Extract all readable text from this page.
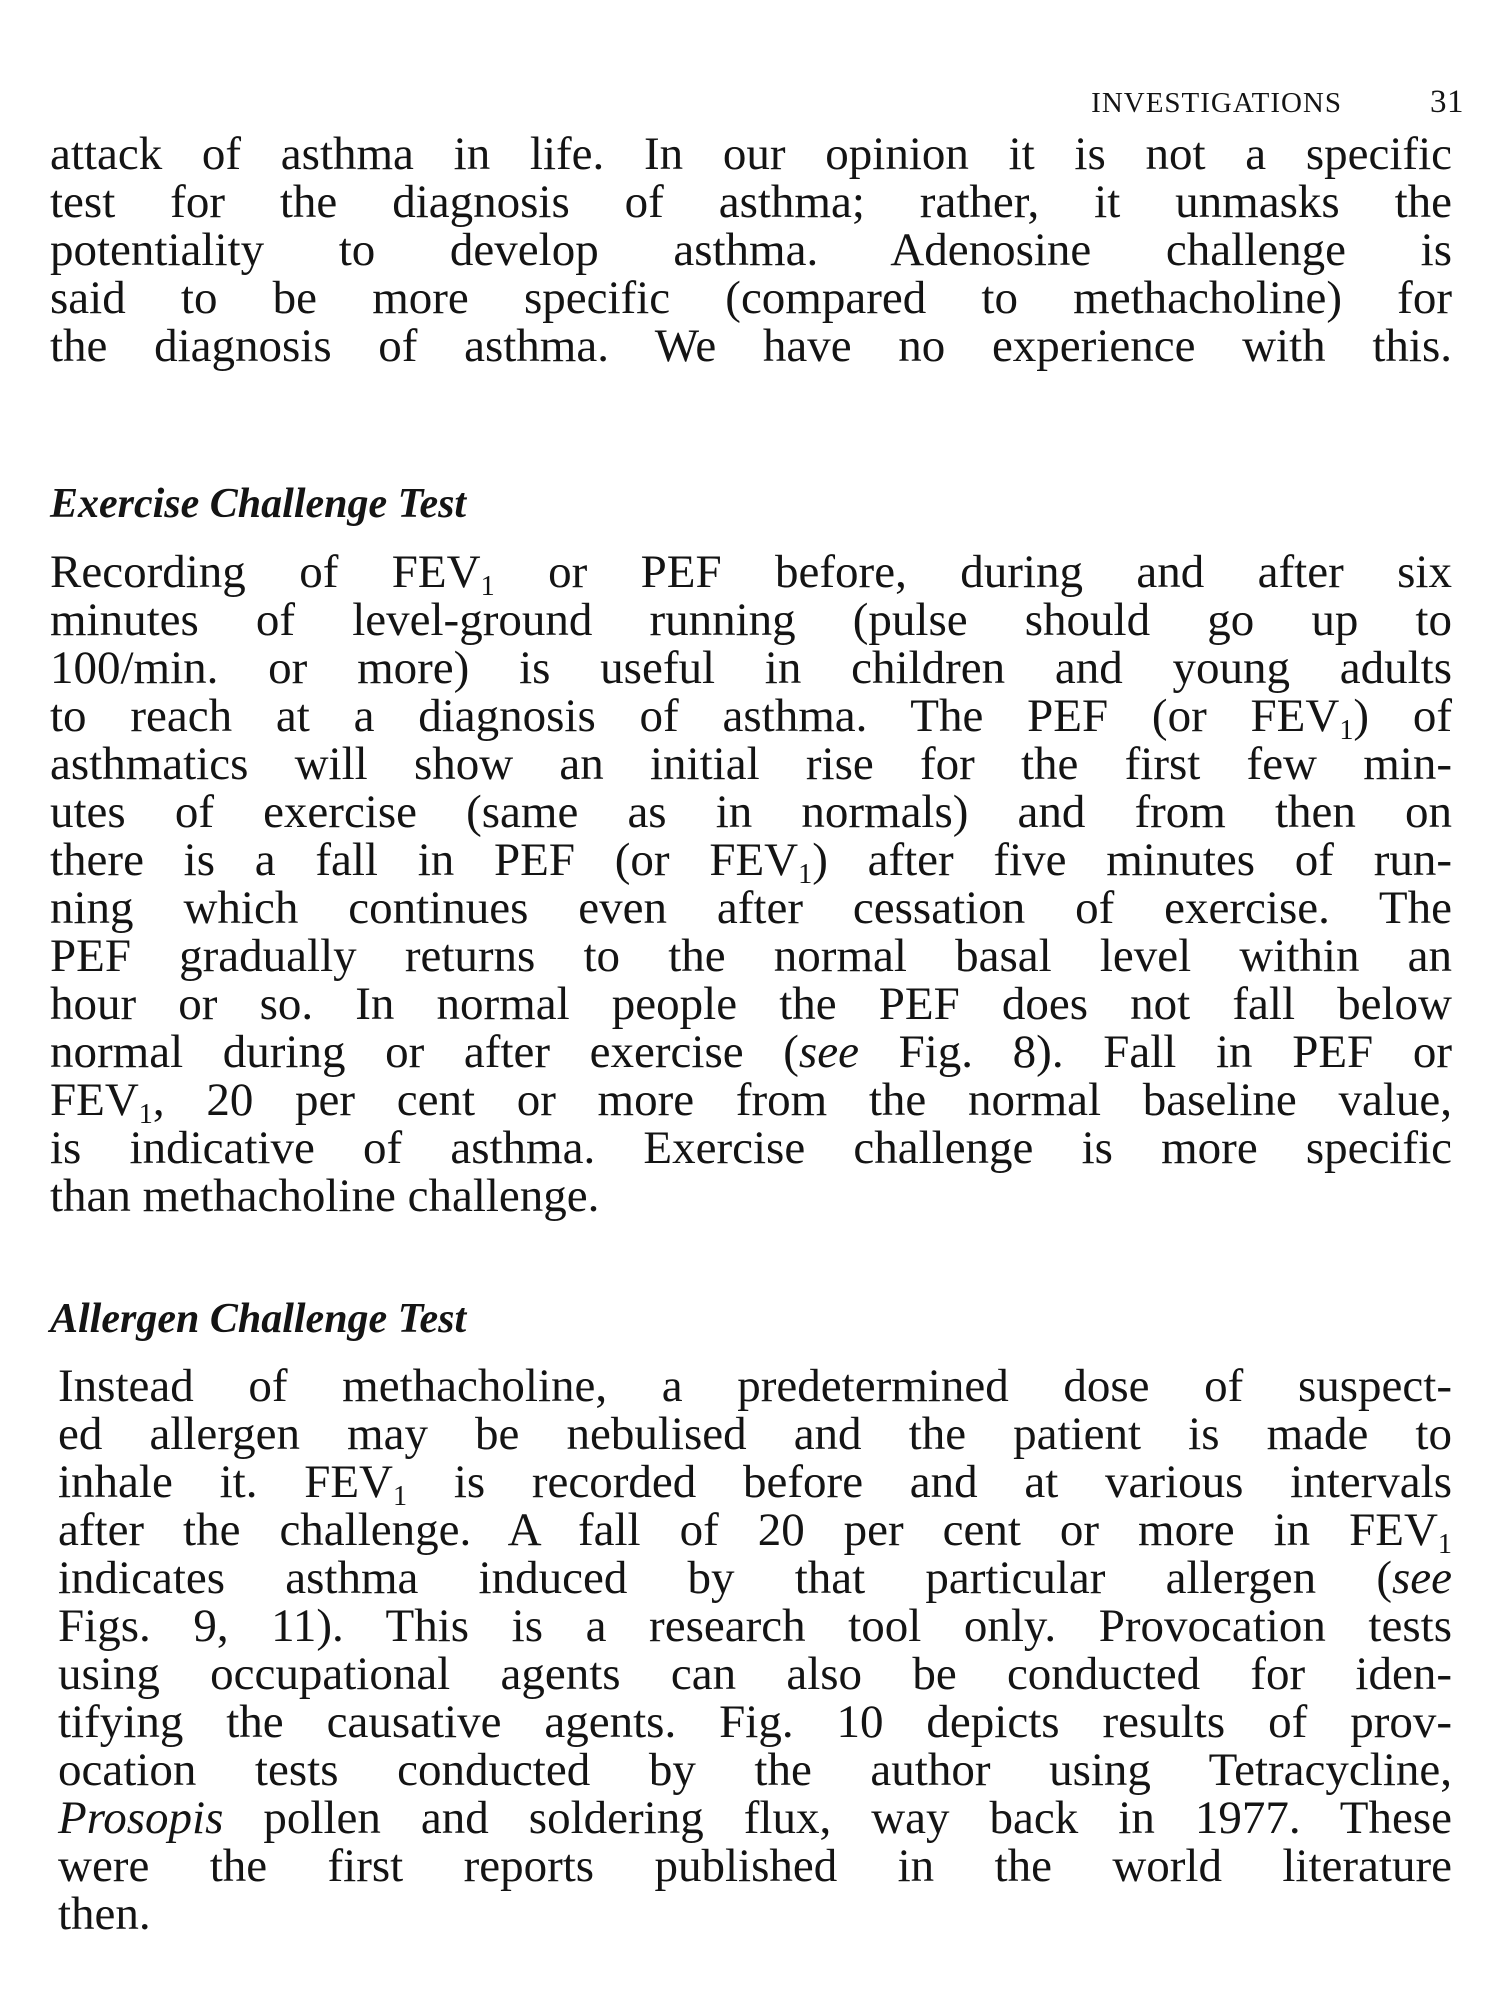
INVESTIGATIONS	31
attack of asthma in life. In our opinion it is not a specific
test for the diagnosis of asthma; rather, it unmasks the
potentiality to develop asthma. Adenosine challenge is
said to be more specific (compared to methacholine) for
the diagnosis of asthma. We have no experience with this.
Exercise Challenge Test
Recording of $FEV_1$ or PEF before, during and after six
minutes of level-ground running (pulse should go up to
100/min. or more) is useful in children and young adults
to reach at a diagnosis of asthma. The PEF (or $FEV_1$) of
asthmatics will show an initial rise for the first few min-
utes of exercise (same as in normals) and from then on
there is a fall in PEF (or $FEV_1$) after five minutes of run-
ning which continues even after cessation of exercise. The
PEF gradually returns to the normal basal level within an
hour or so. In normal people the PEF does not fall below
normal during or after exercise (see Fig. 8). Fall in PEF or
$FEV_1$, 20 per cent or more from the normal baseline value,
is indicative of asthma. Exercise challenge is more specific
than methacholine challenge.
Allergen Challenge Test
Instead of methacholine, a predetermined dose of suspect-
ed allergen may be nebulised and the patient is made to
inhale it. $FEV_1$ is recorded before and at various intervals
after the challenge. A fall of 20 per cent or more in $FEV_1$
indicates asthma induced by that particular allergen (see
Figs. 9, 11). This is a research tool only. Provocation tests
using occupational agents can also be conducted for iden-
tifying the causative agents. Fig. 10 depicts results of prov-
ocation tests conducted by the author using Tetracycline,
Prosopis pollen and soldering flux, way back in 1977. These
were the first reports published in the world literature
then.
